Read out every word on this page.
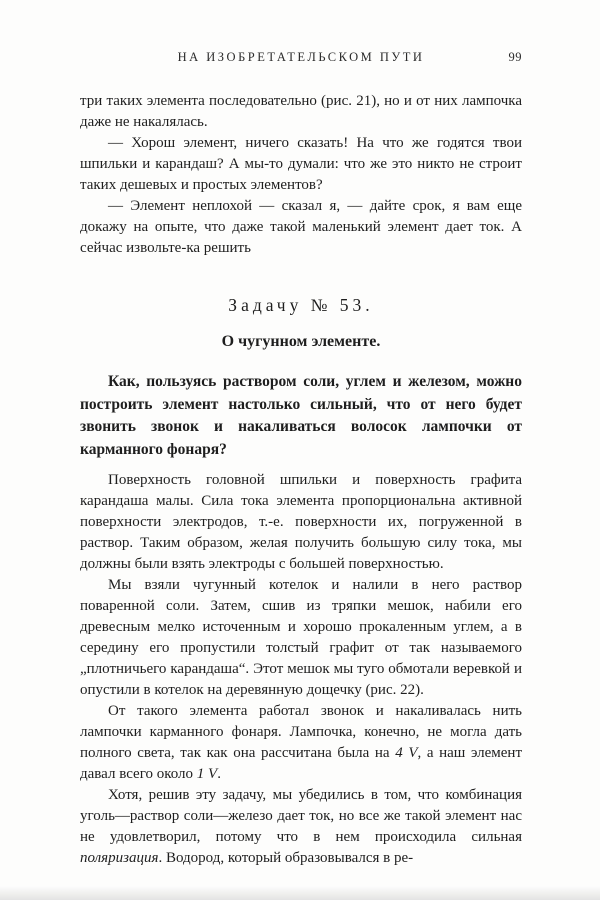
НА ИЗОБРЕТАТЕЛЬСКОМ ПУТИ	99

три таких элемента последовательно (рис. 21), но и от них лампочка даже не накалялась.

— Хорош элемент, ничего сказать! На что же годятся твои шпильки и карандаш? А мы-то думали: что же это никто не строит таких дешевых и простых элементов?

— Элемент неплохой — сказал я, — дайте срок, я вам еще докажу на опыте, что даже такой маленький элемент дает ток. А сейчас извольте-ка решить

Задачу № 53.

О чугунном элементе.

Как, пользуясь раствором соли, углем и железом, можно построить элемент настолько сильный, что от него будет звонить звонок и накаливаться волосок лампочки от карманного фонаря?

Поверхность головной шпильки и поверхность графита карандаша малы. Сила тока элемента пропорциональна активной поверхности электродов, т.-е. поверхности их, погруженной в раствор. Таким образом, желая получить большую силу тока, мы должны были взять электроды с большей поверхностью.

Мы взяли чугунный котелок и налили в него раствор поваренной соли. Затем, сшив из тряпки мешок, набили его древесным мелко источенным и хорошо прокаленным углем, а в середину его пропустили толстый графит от так называемого „плотничьего карандаша“. Этот мешок мы туго обмотали веревкой и опустили в котелок на деревянную дощечку (рис. 22).

От такого элемента работал звонок и накаливалась нить лампочки карманного фонаря. Лампочка, конечно, не могла дать полного света, так как она рассчитана была на 4 V, а наш элемент давал всего около 1 V.

Хотя, решив эту задачу, мы убедились в том, что комбинация уголь—раствор соли—железо дает ток, но все же такой элемент нас не удовлетворил, потому что в нем происходила сильная поляризация. Водород, который образовывался в ре-
